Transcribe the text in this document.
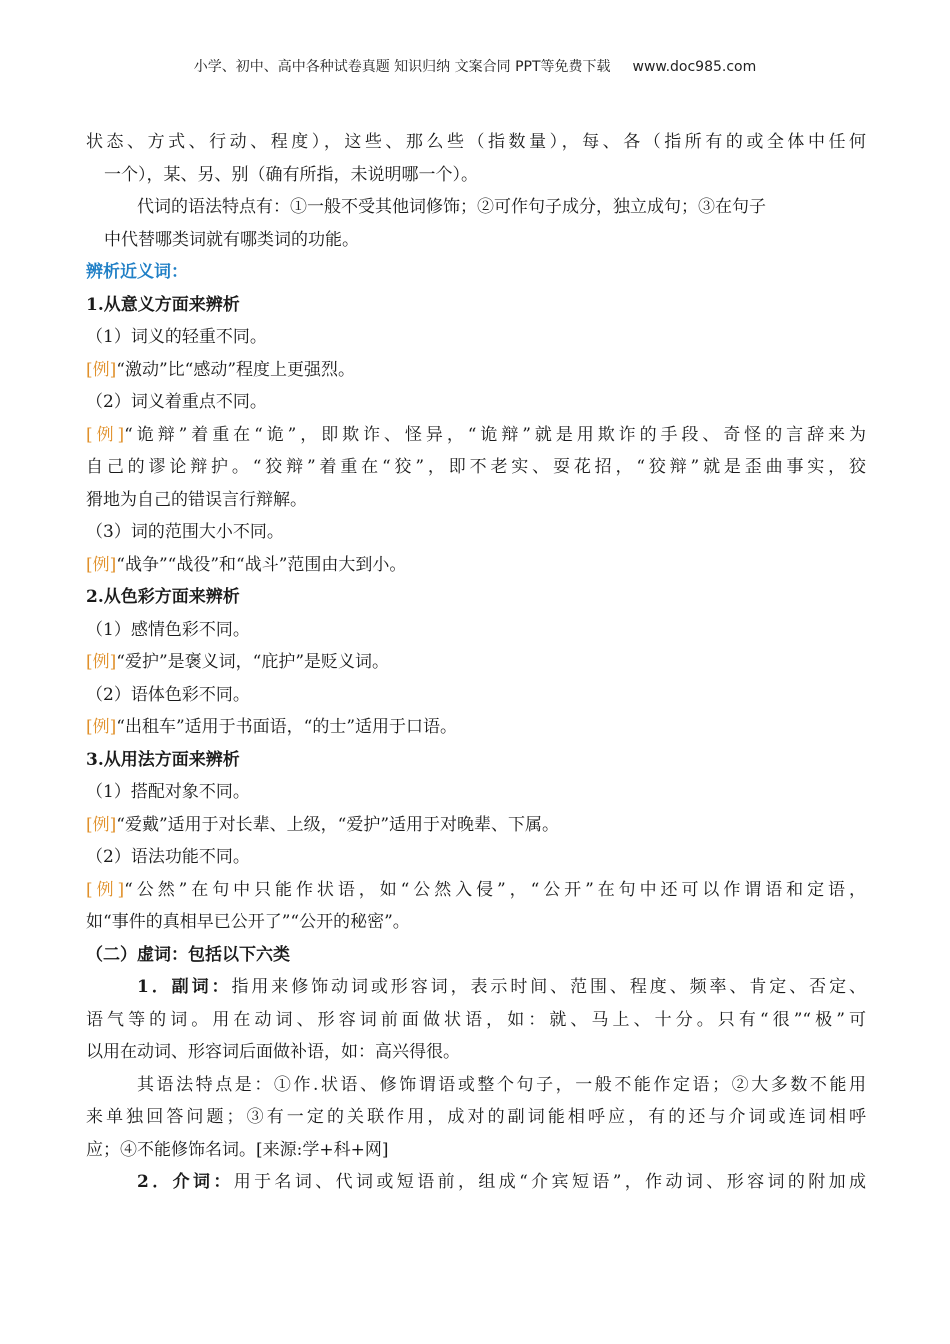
小学、初中、高中各种试卷真题 知识归纳 文案合同 PPT等免费下载 www.doc985.com
状态、方式、行动、程度），这些、那么些（指数量），每、各（指所有的或全体中任何
一个），某、另、别（确有所指，未说明哪一个）。
代词的语法特点有：①一般不受其他词修饰；②可作句子成分，独立成句；③在句子
中代替哪类词就有哪类词的功能。
辨析近义词：
1.从意义方面来辨析
（1）词义的轻重不同。
[例]“激动”比“感动”程度上更强烈。
（2）词义着重点不同。
[例]“诡辩”着重在“诡”，即欺诈、怪异，“诡辩”就是用欺诈的手段、奇怪的言辞来为
自己的谬论辩护。“狡辩”着重在“狡”，即不老实、耍花招，“狡辩”就是歪曲事实，狡
猾地为自己的错误言行辩解。
（3）词的范围大小不同。
[例]“战争”“战役”和“战斗”范围由大到小。
2.从色彩方面来辨析
（1）感情色彩不同。
[例]“爱护”是褒义词，“庇护”是贬义词。
（2）语体色彩不同。
[例]“出租车”适用于书面语，“的士”适用于口语。
3.从用法方面来辨析
（1）搭配对象不同。
[例]“爱戴”适用于对长辈、上级，“爱护”适用于对晚辈、下属。
（2）语法功能不同。
[例]“公然”在句中只能作状语，如“公然入侵”，“公开”在句中还可以作谓语和定语，
如“事件的真相早已公开了”“公开的秘密”。
（二）虚词：包括以下六类
1．副词：指用来修饰动词或形容词，表示时间、范围、程度、频率、肯定、否定、
语气等的词。用在动词、形容词前面做状语，如：就、马上、十分。只有“很”“极”可
以用在动词、形容词后面做补语，如：高兴得很。
其语法特点是：①作.状语、修饰谓语或整个句子，一般不能作定语；②大多数不能用
来单独回答问题；③有一定的关联作用，成对的副词能相呼应，有的还与介词或连词相呼
应；④不能修饰名词。[来源:学+科+网]
2．介词：用于名词、代词或短语前，组成“介宾短语”，作动词、形容词的附加成
